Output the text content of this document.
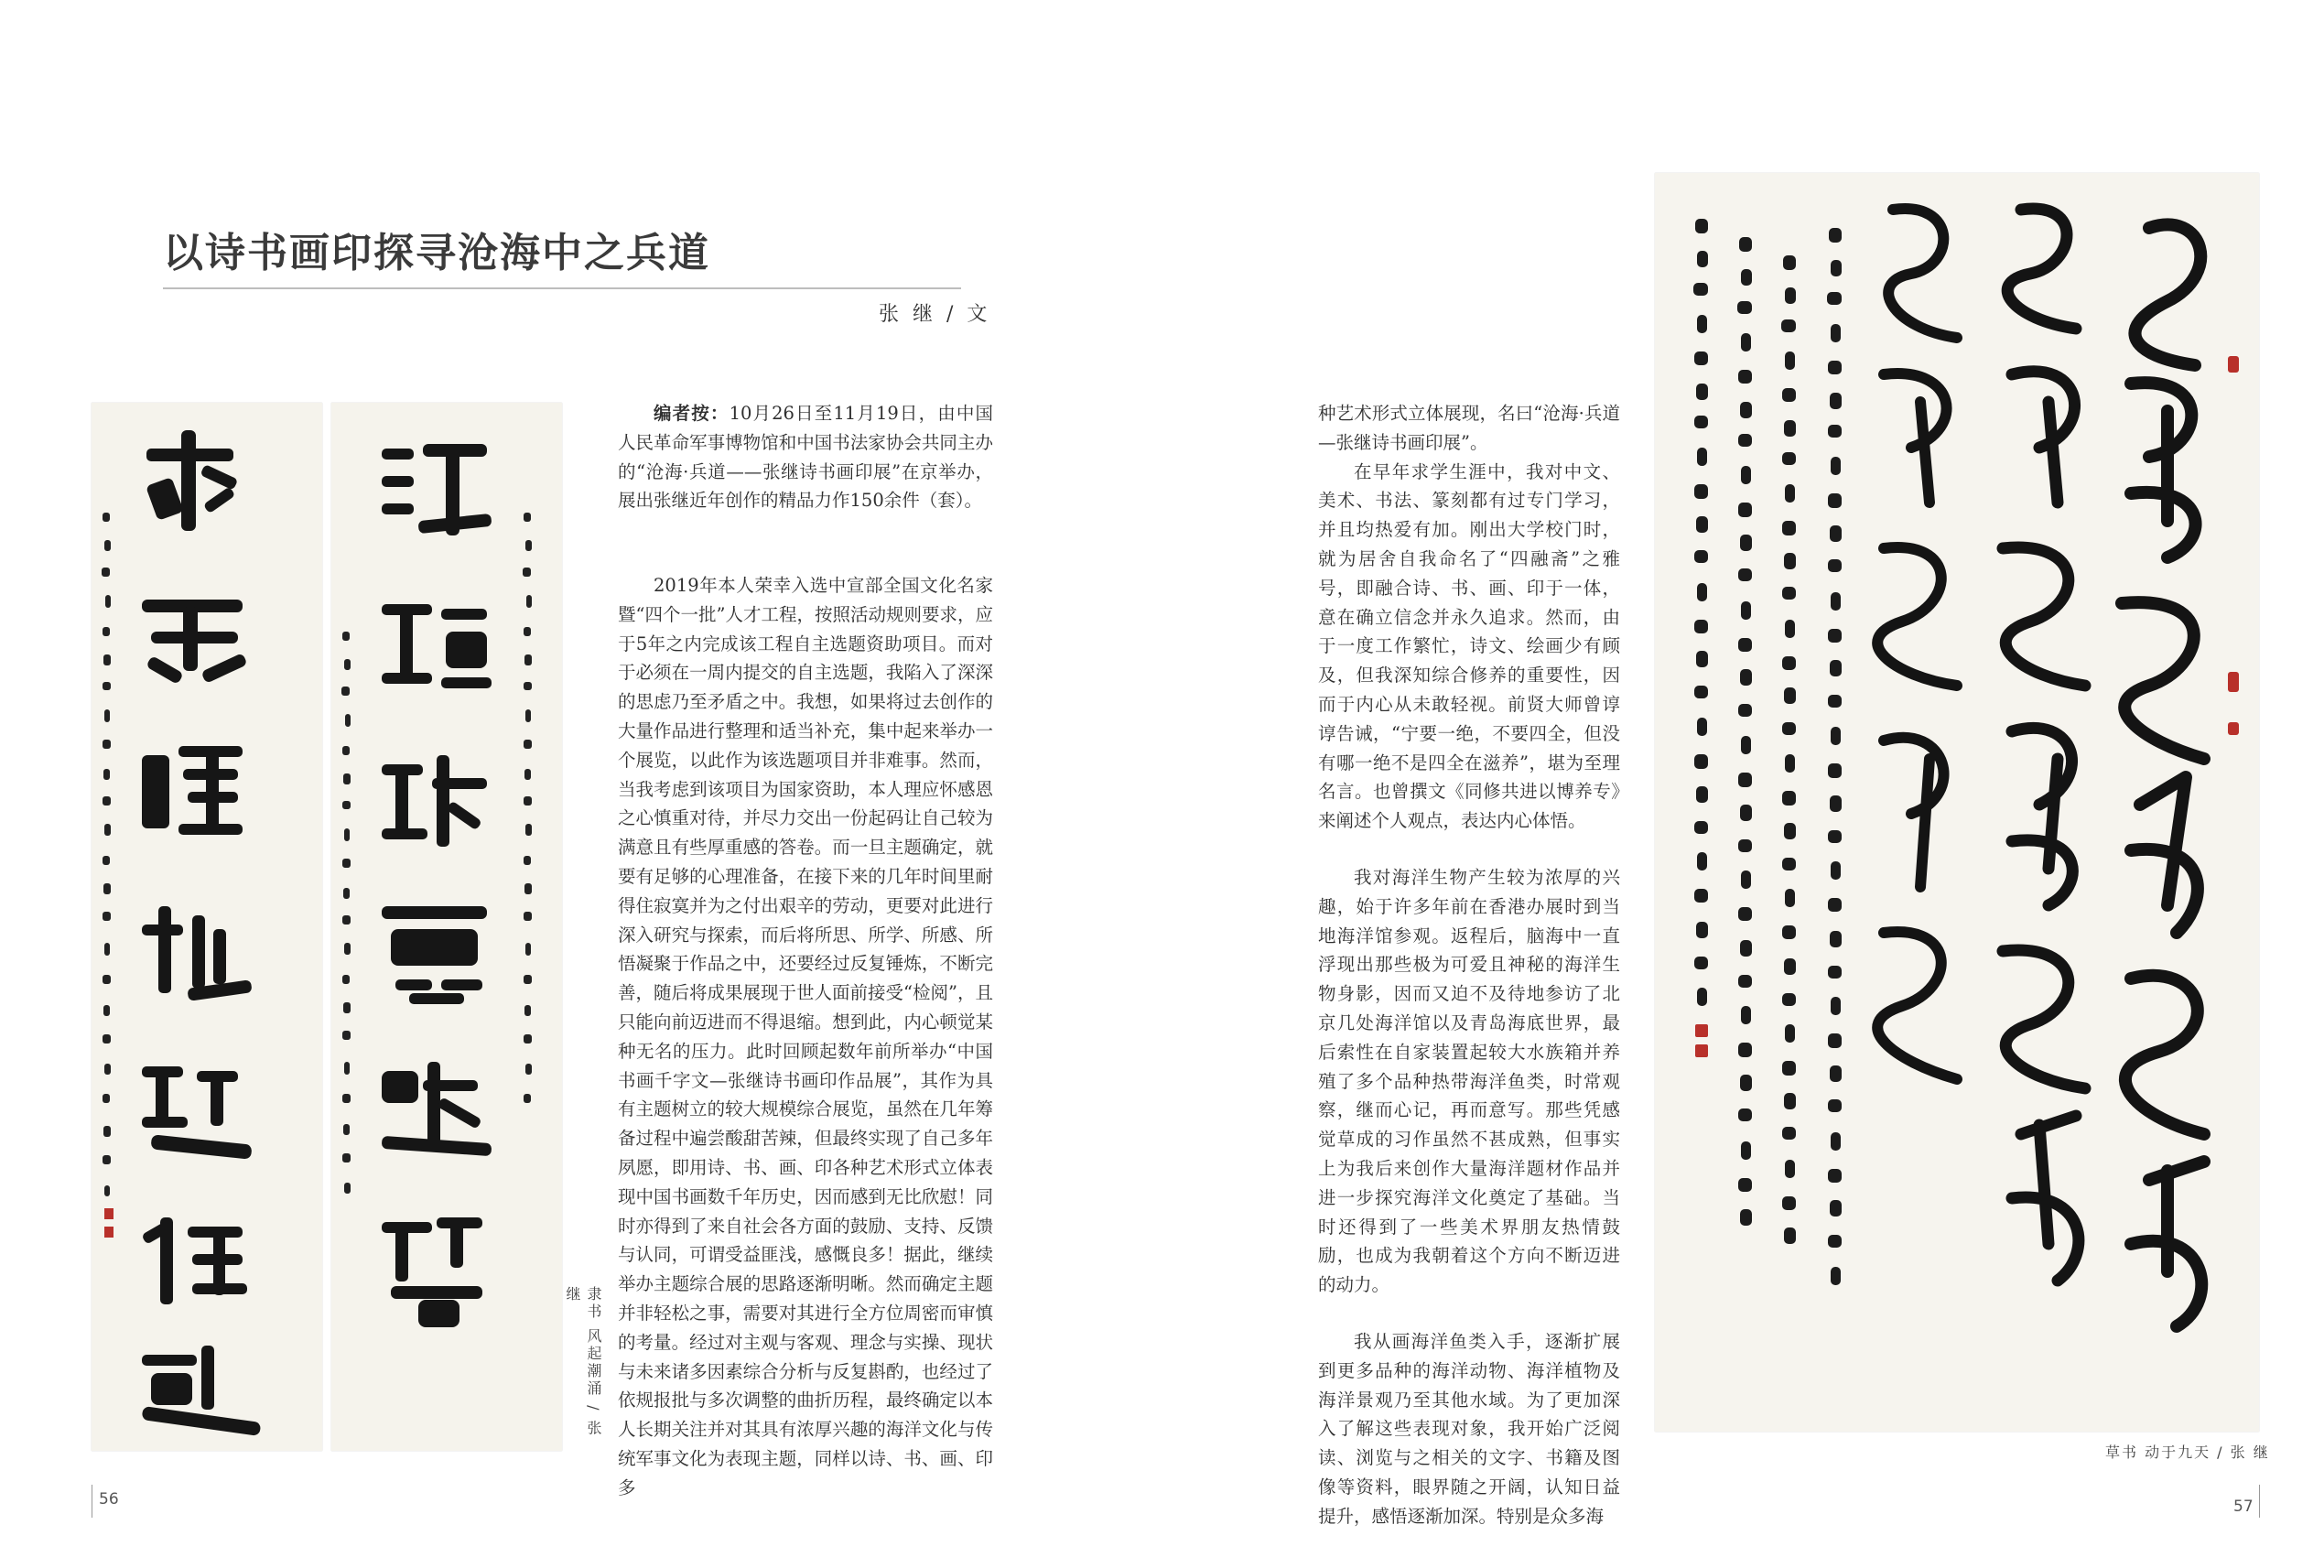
以诗书画印探寻沧海中之兵道
张 继 / 文
隶书 风起潮涌 / 张 继

编者按：10月26日至11月19日，由中国人民革命军事博物馆和中国书法家协会共同主办的“沧海·兵道——张继诗书画印展”在京举办，展出张继近年创作的精品力作150余件（套）。

2019年本人荣幸入选中宣部全国文化名家暨“四个一批”人才工程，按照活动规则要求，应于5年之内完成该工程自主选题资助项目。而对于必须在一周内提交的自主选题，我陷入了深深的思虑乃至矛盾之中。我想，如果将过去创作的大量作品进行整理和适当补充，集中起来举办一个展览，以此作为该选题项目并非难事。然而，当我考虑到该项目为国家资助，本人理应怀感恩之心慎重对待，并尽力交出一份起码让自己较为满意且有些厚重感的答卷。而一旦主题确定，就要有足够的心理准备，在接下来的几年时间里耐得住寂寞并为之付出艰辛的劳动，更要对此进行深入研究与探索，而后将所思、所学、所感、所悟凝聚于作品之中，还要经过反复锤炼，不断完善，随后将成果展现于世人面前接受“检阅”，且只能向前迈进而不得退缩。想到此，内心顿觉某种无名的压力。此时回顾起数年前所举办“中国书画千字文—张继诗书画印作品展”，其作为具有主题树立的较大规模综合展览，虽然在几年筹备过程中遍尝酸甜苦辣，但最终实现了自己多年夙愿，即用诗、书、画、印各种艺术形式立体表现中国书画数千年历史，因而感到无比欣慰！同时亦得到了来自社会各方面的鼓励、支持、反馈与认同，可谓受益匪浅，感慨良多！据此，继续举办主题综合展的思路逐渐明晰。然而确定主题并非轻松之事，需要对其进行全方位周密而审慎的考量。经过对主观与客观、理念与实操、现状与未来诸多因素综合分析与反复斟酌，也经过了依规报批与多次调整的曲折历程，最终确定以本人长期关注并对其具有浓厚兴趣的海洋文化与传统军事文化为表现主题，同样以诗、书、画、印多

种艺术形式立体展现，名曰“沧海·兵道—张继诗书画印展”。

在早年求学生涯中，我对中文、美术、书法、篆刻都有过专门学习，并且均热爱有加。刚出大学校门时，就为居舍自我命名了“四融斋”之雅号，即融合诗、书、画、印于一体，意在确立信念并永久追求。然而，由于一度工作繁忙，诗文、绘画少有顾及，但我深知综合修养的重要性，因而于内心从未敢轻视。前贤大师曾谆谆告诫，“宁要一绝，不要四全，但没有哪一绝不是四全在滋养”，堪为至理名言。也曾撰文《同修共进以博养专》来阐述个人观点，表达内心体悟。

我对海洋生物产生较为浓厚的兴趣，始于许多年前在香港办展时到当地海洋馆参观。返程后，脑海中一直浮现出那些极为可爱且神秘的海洋生物身影，因而又迫不及待地参访了北京几处海洋馆以及青岛海底世界，最后索性在自家装置起较大水族箱并养殖了多个品种热带海洋鱼类，时常观察，继而心记，再而意写。那些凭感觉草成的习作虽然不甚成熟，但事实上为我后来创作大量海洋题材作品并进一步探究海洋文化奠定了基础。当时还得到了一些美术界朋友热情鼓励，也成为我朝着这个方向不断迈进的动力。

我从画海洋鱼类入手，逐渐扩展到更多品种的海洋动物、海洋植物及海洋景观乃至其他水域。为了更加深入了解这些表现对象，我开始广泛阅读、浏览与之相关的文字、书籍及图像等资料，眼界随之开阔，认知日益提升，感悟逐渐加深。特别是众多海

草书 动于九天 / 张 继
56	57
